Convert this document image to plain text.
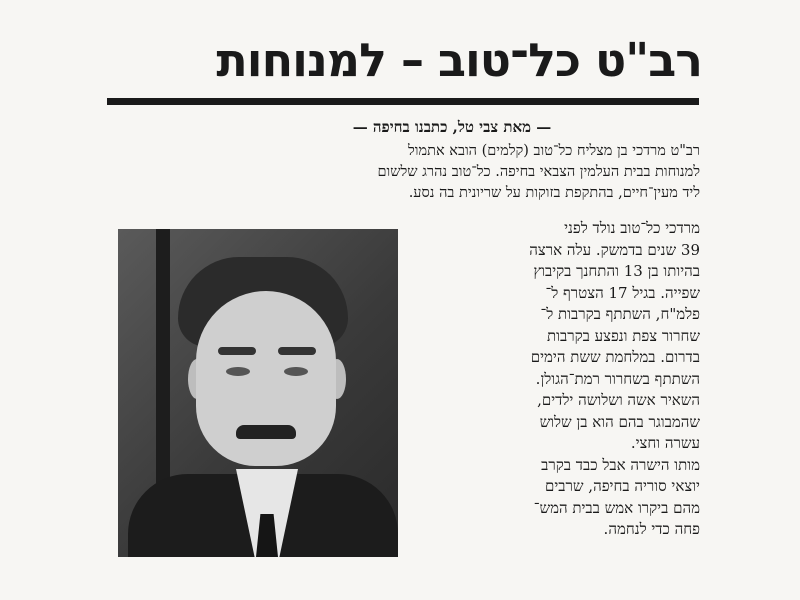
רב"ט כל־טוב – למנוחות
— מאת צבי טל, כתבנו בחיפה —

רב"ט מרדכי בן מצליח כל־טוב (קלמים) הובא אתמול

למנוחות בבית העלמין הצבאי בחיפה. כל־טוב נהרג שלשום

ליד מעין־חיים, בהתקפת בזוקות על שריונית בה נסע.

מרדכי כל־טוב נולד לפני

39 שנים בדמשק. עלה ארצה

בהיותו בן 13 והתחנך בקיבוץ

שפייה. בגיל 17 הצטרף ל־

פלמ"ח, השתתף בקרבות ל־

שחרור צפת ונפצע בקרבות

בדרום. במלחמת ששת הימים

השתתף בשחרור רמת־הגולן.

השאיר אשה ושלושה ילדים,

שהמבוגר בהם הוא בן שלוש

עשרה וחצי.

מותו הישרה אבל כבד בקרב

יוצאי סוריה בחיפה, שרבים

מהם ביקרו אמש בבית המש־

פחה כדי לנחמה.
